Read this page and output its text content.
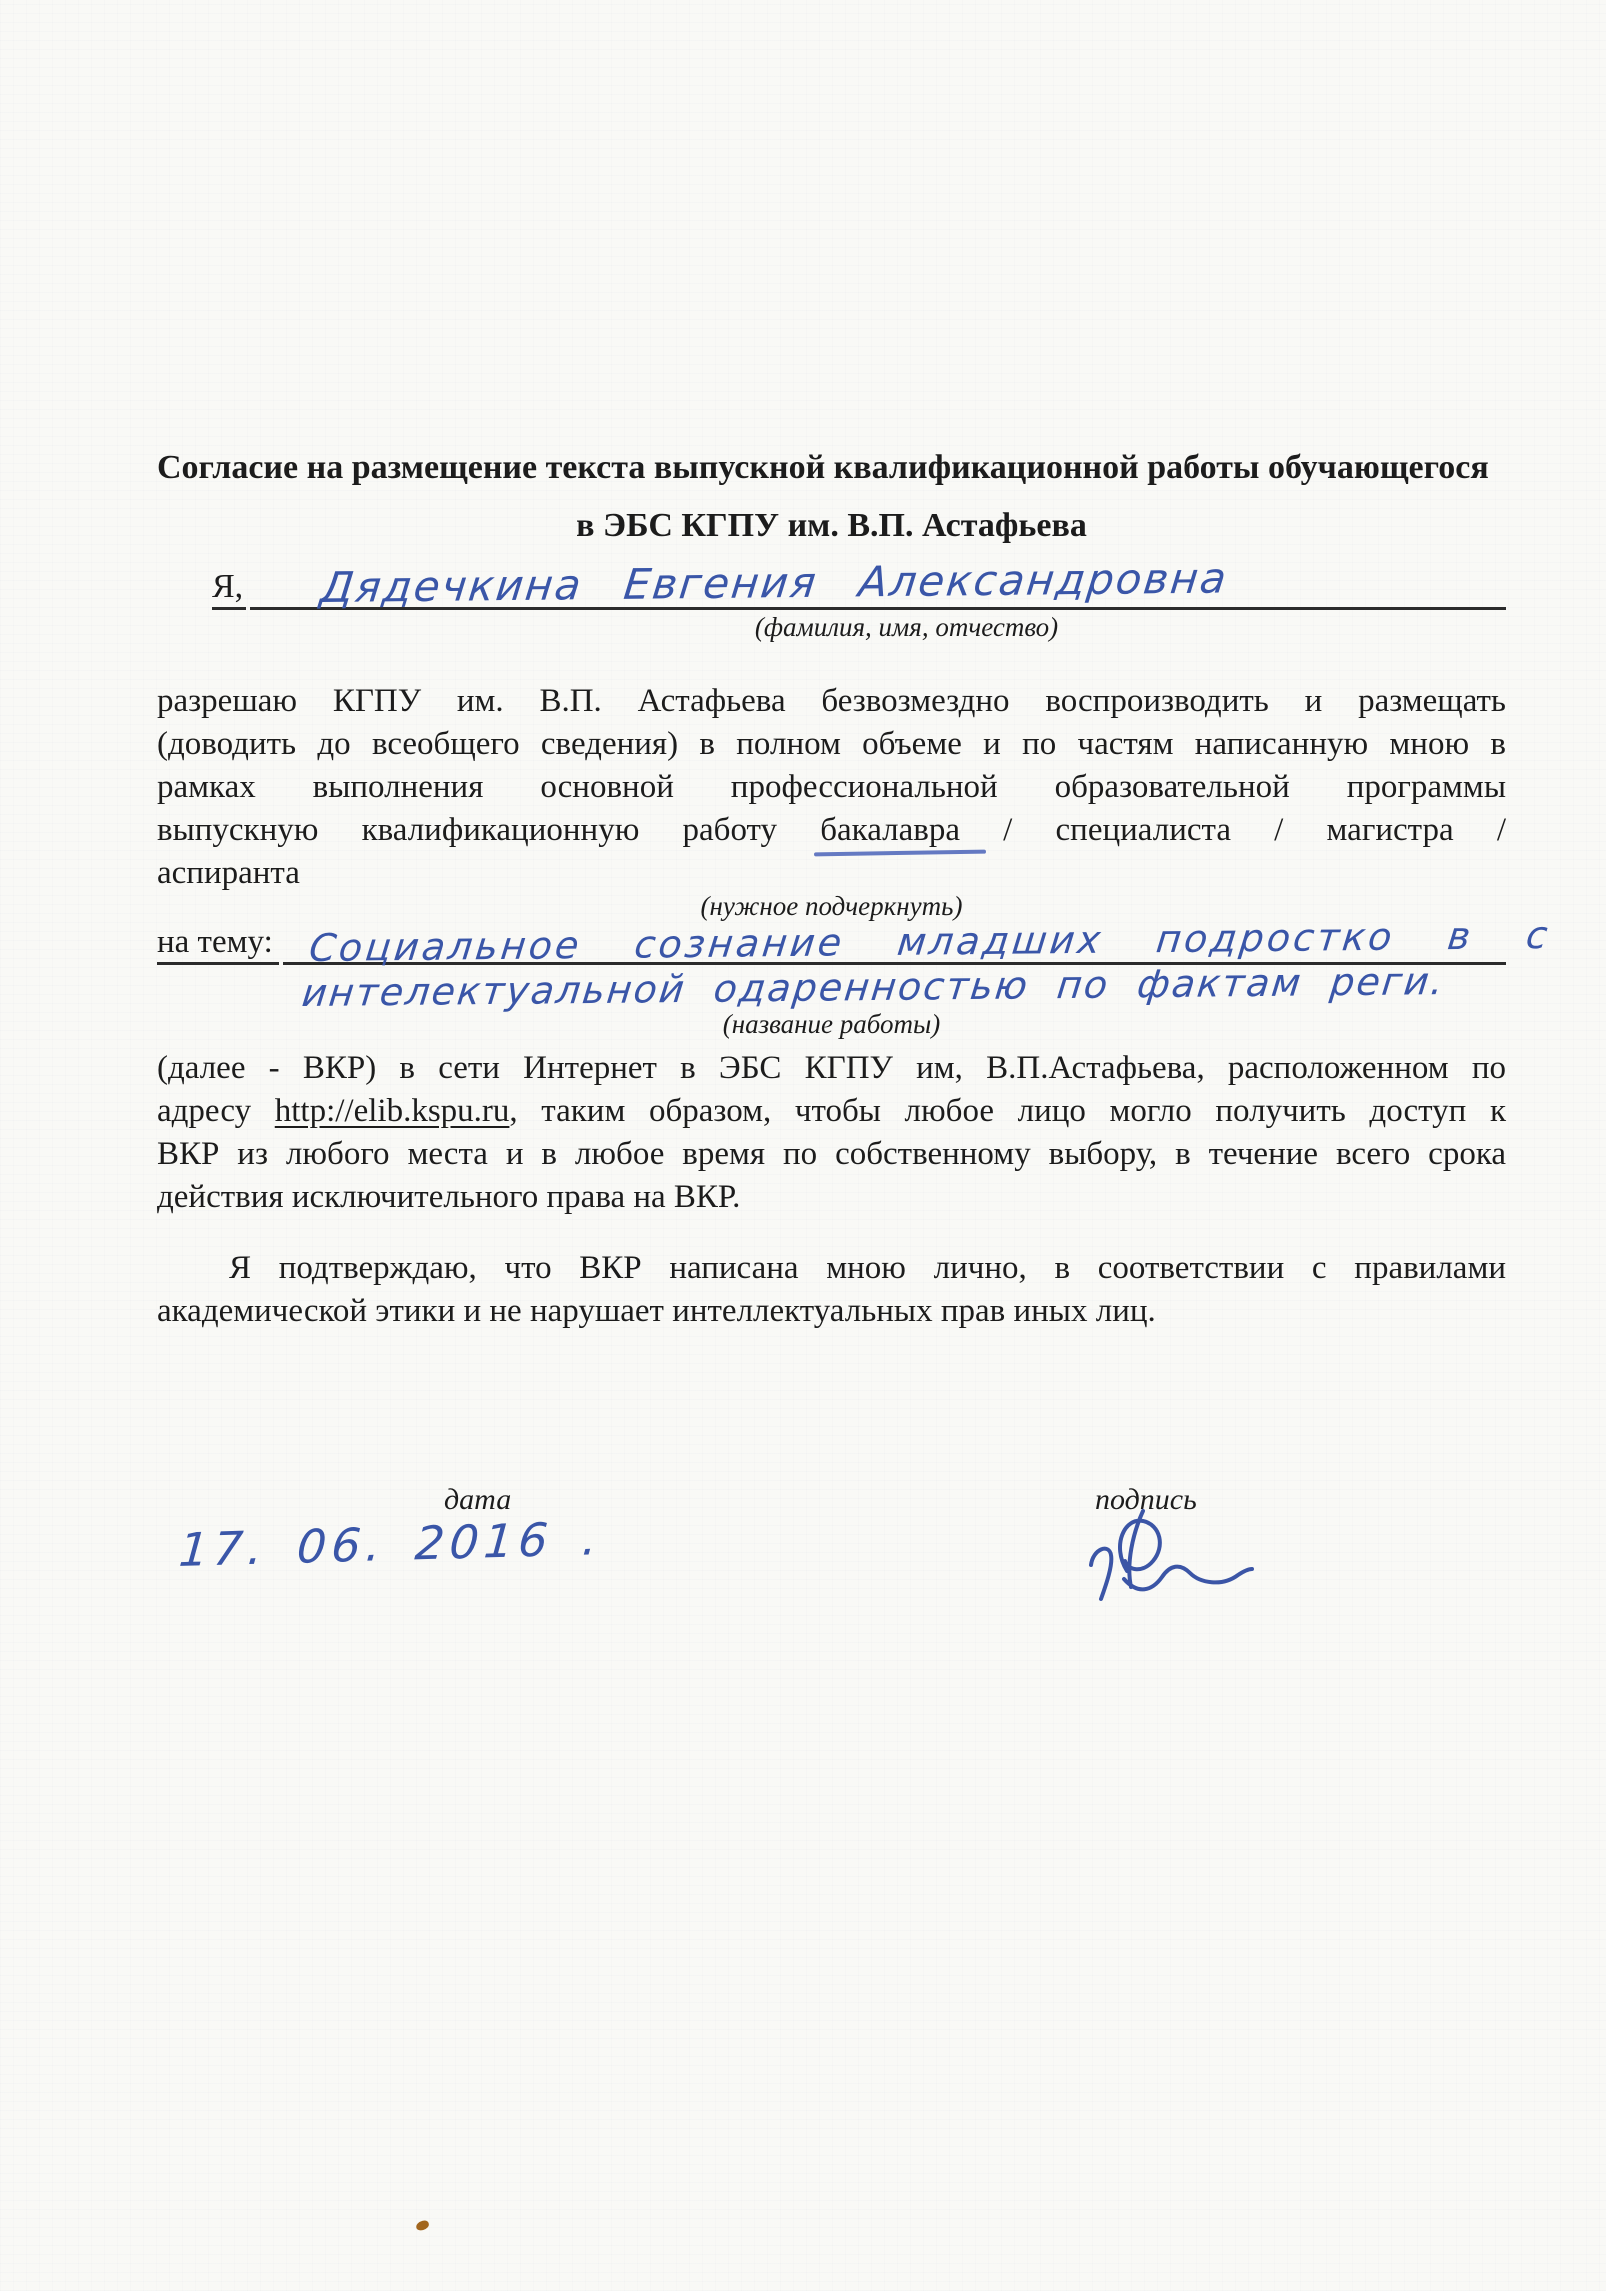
Согласие на размещение текста выпускной квалификационной работы обучающегося
в ЭБС КГПУ им. В.П. Астафьева
Я, Дядечкина Евгения Александровна
(фамилия, имя, отчество)
разрешаю КГПУ им. В.П. Астафьева безвозмездно воспроизводить и размещать
(доводить до всеобщего сведения) в полном объеме и по частям написанную мною в
рамках выполнения основной профессиональной образовательной программы
выпускную квалификационную работу бакалавра / специалиста / магистра /
аспиранта
(нужное подчеркнуть)
на тему: Социальное сознание младших подростко в с
интелектуальной одаренностью по фактам реги.
(название работы)
(далее - ВКР) в сети Интернет в ЭБС КГПУ им, В.П.Астафьева, расположенном по
адресу http://elib.kspu.ru, таким образом, чтобы любое лицо могло получить доступ к
ВКР из любого места и в любое время по собственному выбору, в течение всего срока
действия исключительного права на ВКР.
Я подтверждаю, что ВКР написана мною лично, в соответствии с правилами
академической этики и не нарушает интеллектуальных прав иных лиц.
дата	подпись
17. 06. 2016 .
